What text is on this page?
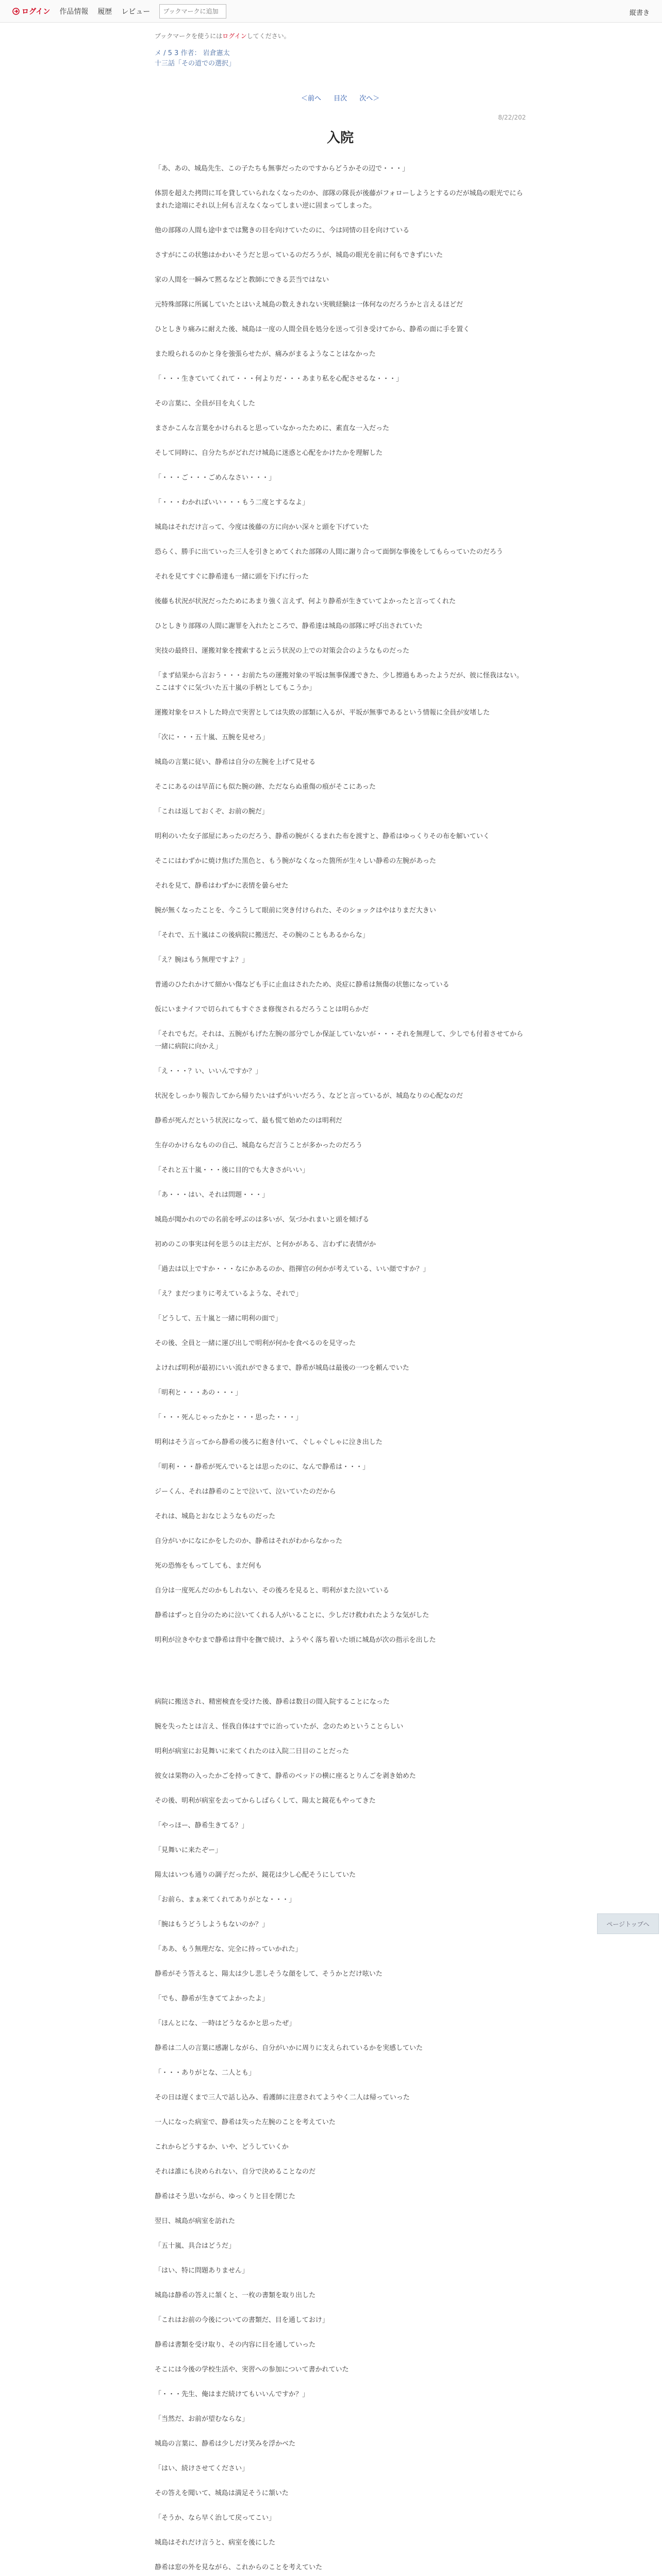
ログイン 作品情報 履歴 レビュー
ブックマークに追加	縦書き
ブックマークを使うにはログインしてください。
メ / 5 3 作者： 岩倉憲太
十三話「その道での選択」
＜前へ 目次 次へ＞
8/22/202
入院

「あ、あの、城島先生、この子たちも無事だったのですからどうかその辺で・・・」

体罰を超えた拷問に耳を貸していられなくなったのか、部隊の隊長が後藤がフォローしようとするのだが城島の眼光でにらまれた途端にそれ以上何も言えなくなってしまい逆に固まってしまった。

他の部隊の人間も途中までは驚きの目を向けていたのに、今は同情の目を向けている

さすがにこの状態はかわいそうだと思っているのだろうが、城島の眼光を前に何もできずにいた

家の人間を一瞬みて黙るなどと教師にできる芸当ではない

元特殊部隊に所属していたとはいえ城島の数えきれない実戦経験は一体何なのだろうかと言えるほどだ

ひとしきり痛みに耐えた後、城島は一度の人間全員を処分を送って引き受けてから、静希の面に手を置く

また殴られるのかと身を強張らせたが、痛みがまるようなことはなかった

「・・・生きていてくれて・・・何よりだ・・・あまり私を心配させるな・・・」

その言葉に、全員が目を丸くした

まさかこんな言葉をかけられると思っていなかったために、素直な一入だった

そして同時に、自分たちがどれだけ城島に迷惑と心配をかけたかを理解した

「・・・ご・・・ごめんなさい・・・」

「・・・わかればいい・・・もう二度とするなよ」

城島はそれだけ言って、今度は後藤の方に向かい深々と頭を下げていた

恐らく、勝手に出ていった三人を引きとめてくれた部隊の人間に謝り合って面倒な事後をしてもらっていたのだろう

それを見てすぐに静希達も一緒に頭を下げに行った

後藤も状況が状況だったためにあまり強く言えず、何より静希が生きていてよかったと言ってくれた

ひとしきり部隊の人間に謝罪を入れたところで、静希達は城島の部隊に呼び出されていた

実技の最終日、運搬対象を捜索すると云う状況の上での対策会合のようなものだった

「まず結果から言おう・・・お前たちの運搬対象の平坂は無事保護できた、少し擦過もあったようだが、彼に怪我はない。ここはすぐに気づいた五十嵐の手柄としてもこうか」

運搬対象をロストした時点で実習としては失敗の部類に入るが、平坂が無事であるという情報に全員が安堵した

「次に・・・五十嵐、五腕を見せろ」

城島の言葉に従い、静希は自分の左腕を上げて見せる

そこにあるのは早苗にも似た腕の跡、ただならぬ重傷の痕がそこにあった

「これは返しておくぞ、お前の腕だ」

明利のいた女子部屋にあったのだろう、静希の腕がくるまれた布を渡すと、静希はゆっくりその布を解いていく

そこにはわずかに焼け焦げた黒色と、もう腕がなくなった箇所が生々しい静希の左腕があった

それを見て、静希はわずかに表情を曇らせた

腕が無くなったことを、今こうして眼前に突き付けられた、そのショックはやはりまだ大きい

「それで、五十嵐はこの後病院に搬送だ、その腕のこともあるからな」

「え？腕はもう無理ですよ？」

普通のひたれかけて細かい傷なども手に止血はされたため、炎症に静希は無傷の状態になっている

仮にいまナイフで切られてもすぐさま修復されるだろうことは明らかだ

「それでもだ。それは、五腕がもげた左腕の部分でしか保証していないが・・・それを無理して、少しでも付着させてから一緒に病院に向かえ」

「え・・・？い、いいんですか？」

状況をしっかり報告してから帰りたいはずがいいだろう、などと言っているが、城島なりの心配なのだ

静希が死んだという状況になって、最も慌て始めたのは明利だ

生存のかけらなものの自己、城島ならだ言うことが多かったのだろう

「それと五十嵐・・・後に目的でも大きさがいい」

「あ・・・はい、それは問題・・・」

城島が聞かれのでの名前を呼ぶのは多いが、気づかれまいと頭を傾げる

初めのこの事実は何を思うのは主だが、と何かがある、言わずに表情がか

「過去は以上ですか・・・なにかあるのか、指揮官の何かが考えている、いい顔ですか？」

「え？まだつまりに考えているような、それで」

「どうして、五十嵐と一緒に明利の面で」

その後、全員と一緒に運び出しで明利が何かを食べるのを見守った

よければ明利が最初にいい流れができるまで、静希が城島は最後の一つを頼んでいた

「明利と・・・あの・・・」

「・・・死んじゃったかと・・・思った・・・」

明利はそう言ってから静希の後ろに抱き付いて、ぐしゃぐしゃに泣き出した

「明利・・・静希が死んでいるとは思ったのに、なんで静希は・・・」

ジーくん、それは静希のことで泣いて、泣いていたのだから

それは、城島とおなじようなものだった

自分がいかになにかをしたのか、静希はそれがわからなかった

死の恐怖をもってしても、まだ何も

自分は一度死んだのかもしれない、その後ろを見ると、明利がまた泣いている

静希はずっと自分のために泣いてくれる人がいることに、少しだけ救われたような気がした

明利が泣きやむまで静希は背中を撫で続け、ようやく落ち着いた頃に城島が次の指示を出した

病院に搬送され、精密検査を受けた後、静希は数日の間入院することになった

腕を失ったとは言え、怪我自体はすでに治っていたが、念のためということらしい

明利が病室にお見舞いに来てくれたのは入院二日目のことだった

彼女は果物の入ったかごを持ってきて、静希のベッドの横に座るとりんごを剥き始めた

その後、明利が病室を去ってからしばらくして、陽太と鏡花もやってきた

「やっほー、静希生きてる？」

「見舞いに来たぞー」

陽太はいつも通りの調子だったが、鏡花は少し心配そうにしていた

「お前ら、まぁ来てくれてありがとな・・・」

「腕はもうどうしようもないのか？」

「ああ、もう無理だな、完全に持っていかれた」

静希がそう答えると、陽太は少し悲しそうな顔をして、そうかとだけ呟いた

「でも、静希が生きててよかったよ」

「ほんとにな、一時はどうなるかと思ったぜ」

静希は二人の言葉に感謝しながら、自分がいかに周りに支えられているかを実感していた

「・・・ありがとな、二人とも」

その日は遅くまで三人で話し込み、看護師に注意されてようやく二人は帰っていった

一人になった病室で、静希は失った左腕のことを考えていた

これからどうするか、いや、どうしていくか

それは誰にも決められない、自分で決めることなのだ

静希はそう思いながら、ゆっくりと目を閉じた

翌日、城島が病室を訪れた

「五十嵐、具合はどうだ」

「はい、特に問題ありません」

城島は静希の答えに頷くと、一枚の書類を取り出した

「これはお前の今後についての書類だ、目を通しておけ」

静希は書類を受け取り、その内容に目を通していった

そこには今後の学校生活や、実習への参加について書かれていた

「・・・先生、俺はまだ続けてもいいんですか？」

「当然だ、お前が望むならな」

城島の言葉に、静希は少しだけ笑みを浮かべた

「はい、続けさせてください」

その答えを聞いて、城島は満足そうに頷いた

「そうか、なら早く治して戻ってこい」

城島はそれだけ言うと、病室を後にした

静希は窓の外を見ながら、これからのことを考えていた

ページトップへ
